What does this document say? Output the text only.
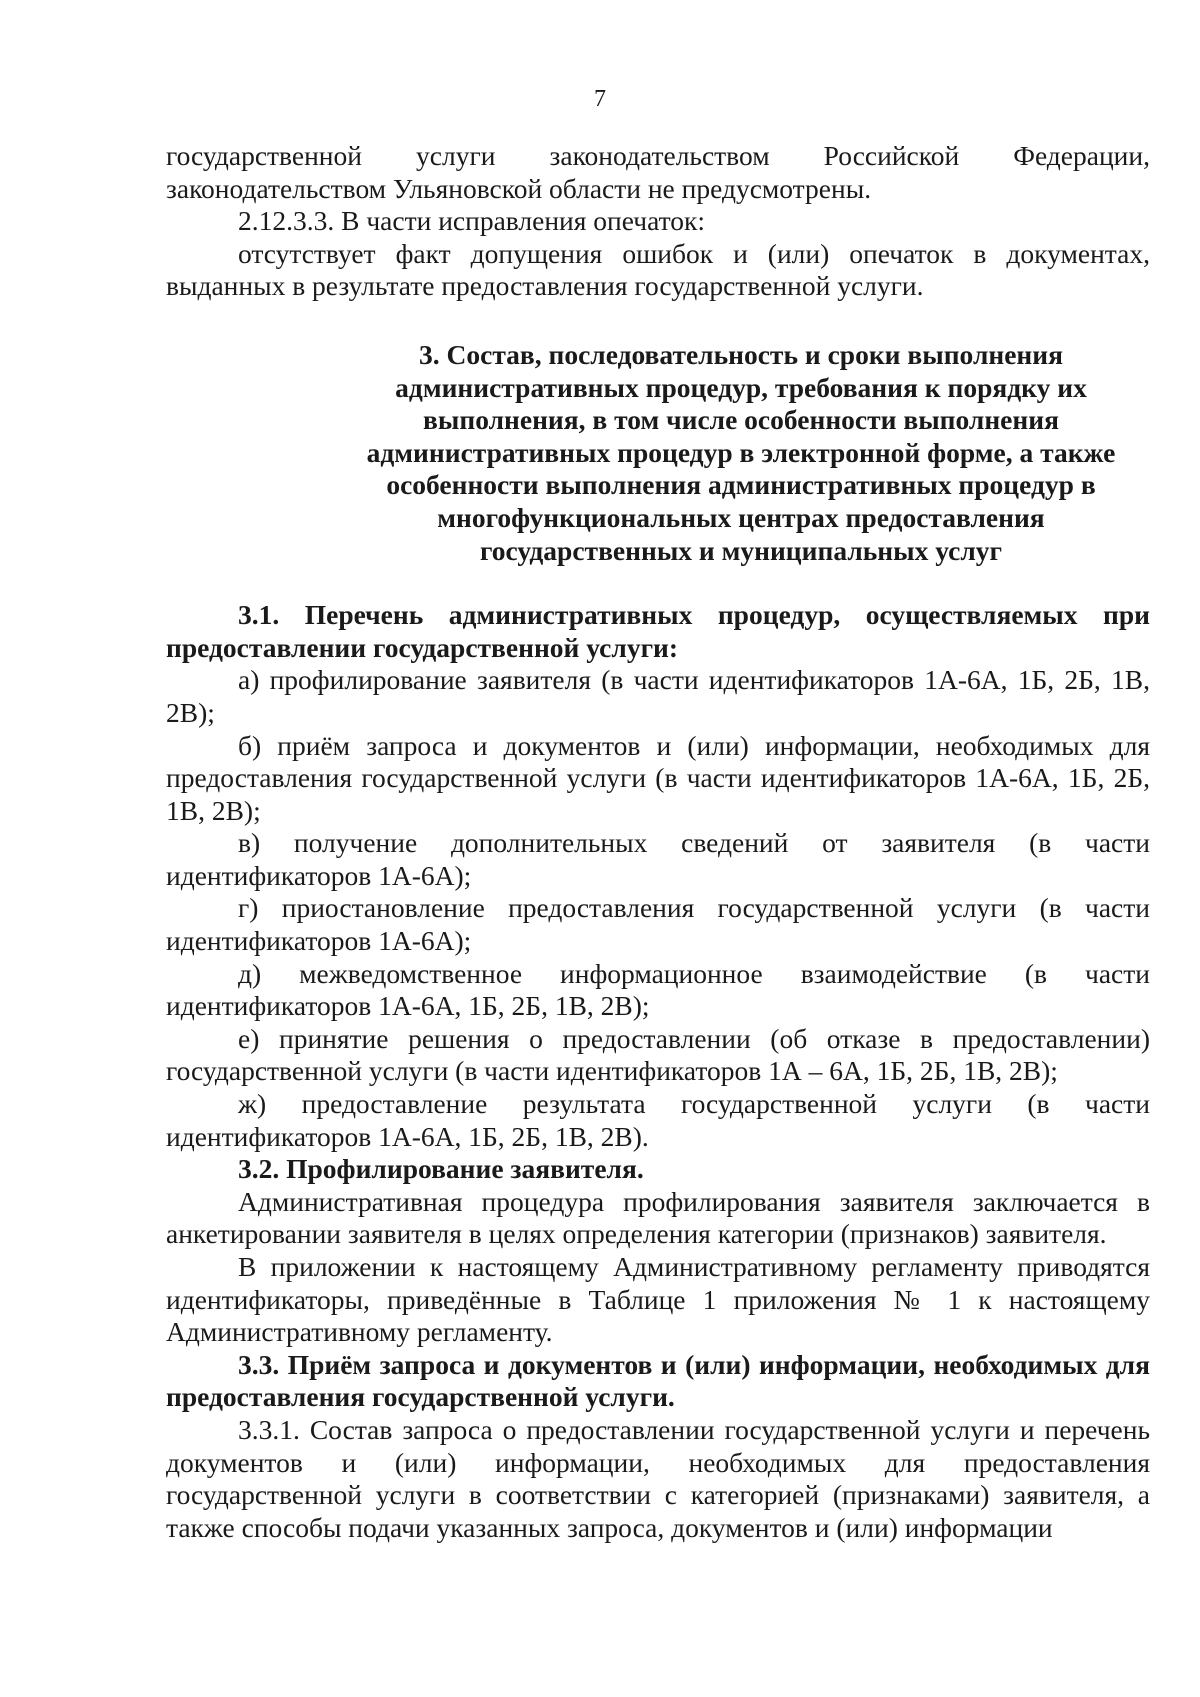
7

государственной услуги законодательством Российской Федерации, законодательством Ульяновской области не предусмотрены.

2.12.3.3. В части исправления опечаток:

отсутствует факт допущения ошибок и (или) опечаток в документах, выданных в результате предоставления государственной услуги.

3. Состав, последовательность и сроки выполнения административных процедур, требования к порядку их выполнения, в том числе особенности выполнения административных процедур в электронной форме, а также особенности выполнения административных процедур в многофункциональных центрах предоставления государственных и муниципальных услуг

3.1. Перечень административных процедур, осуществляемых при предоставлении государственной услуги:

а) профилирование заявителя (в части идентификаторов 1А-6А, 1Б, 2Б, 1В, 2В);

б) приём запроса и документов и (или) информации, необходимых для предоставления государственной услуги (в части идентификаторов 1А-6А, 1Б, 2Б, 1В, 2В);

в) получение дополнительных сведений от заявителя (в части идентификаторов 1А-6А);

г) приостановление предоставления государственной услуги (в части идентификаторов 1А-6А);

д) межведомственное информационное взаимодействие (в части идентификаторов 1А-6А, 1Б, 2Б, 1В, 2В);

е) принятие решения о предоставлении (об отказе в предоставлении) государственной услуги (в части идентификаторов 1А – 6А, 1Б, 2Б, 1В, 2В);

ж) предоставление результата государственной услуги (в части идентификаторов 1А-6А, 1Б, 2Б, 1В, 2В).

3.2. Профилирование заявителя.

Административная процедура профилирования заявителя заключается в анкетировании заявителя в целях определения категории (признаков) заявителя.

В приложении к настоящему Административному регламенту приводятся идентификаторы, приведённые в Таблице 1 приложения № 1 к настоящему Административному регламенту.

3.3. Приём запроса и документов и (или) информации, необходимых для предоставления государственной услуги.

3.3.1. Состав запроса о предоставлении государственной услуги и перечень документов и (или) информации, необходимых для предоставления государственной услуги в соответствии с категорией (признаками) заявителя, а также способы подачи указанных запроса, документов и (или) информации
